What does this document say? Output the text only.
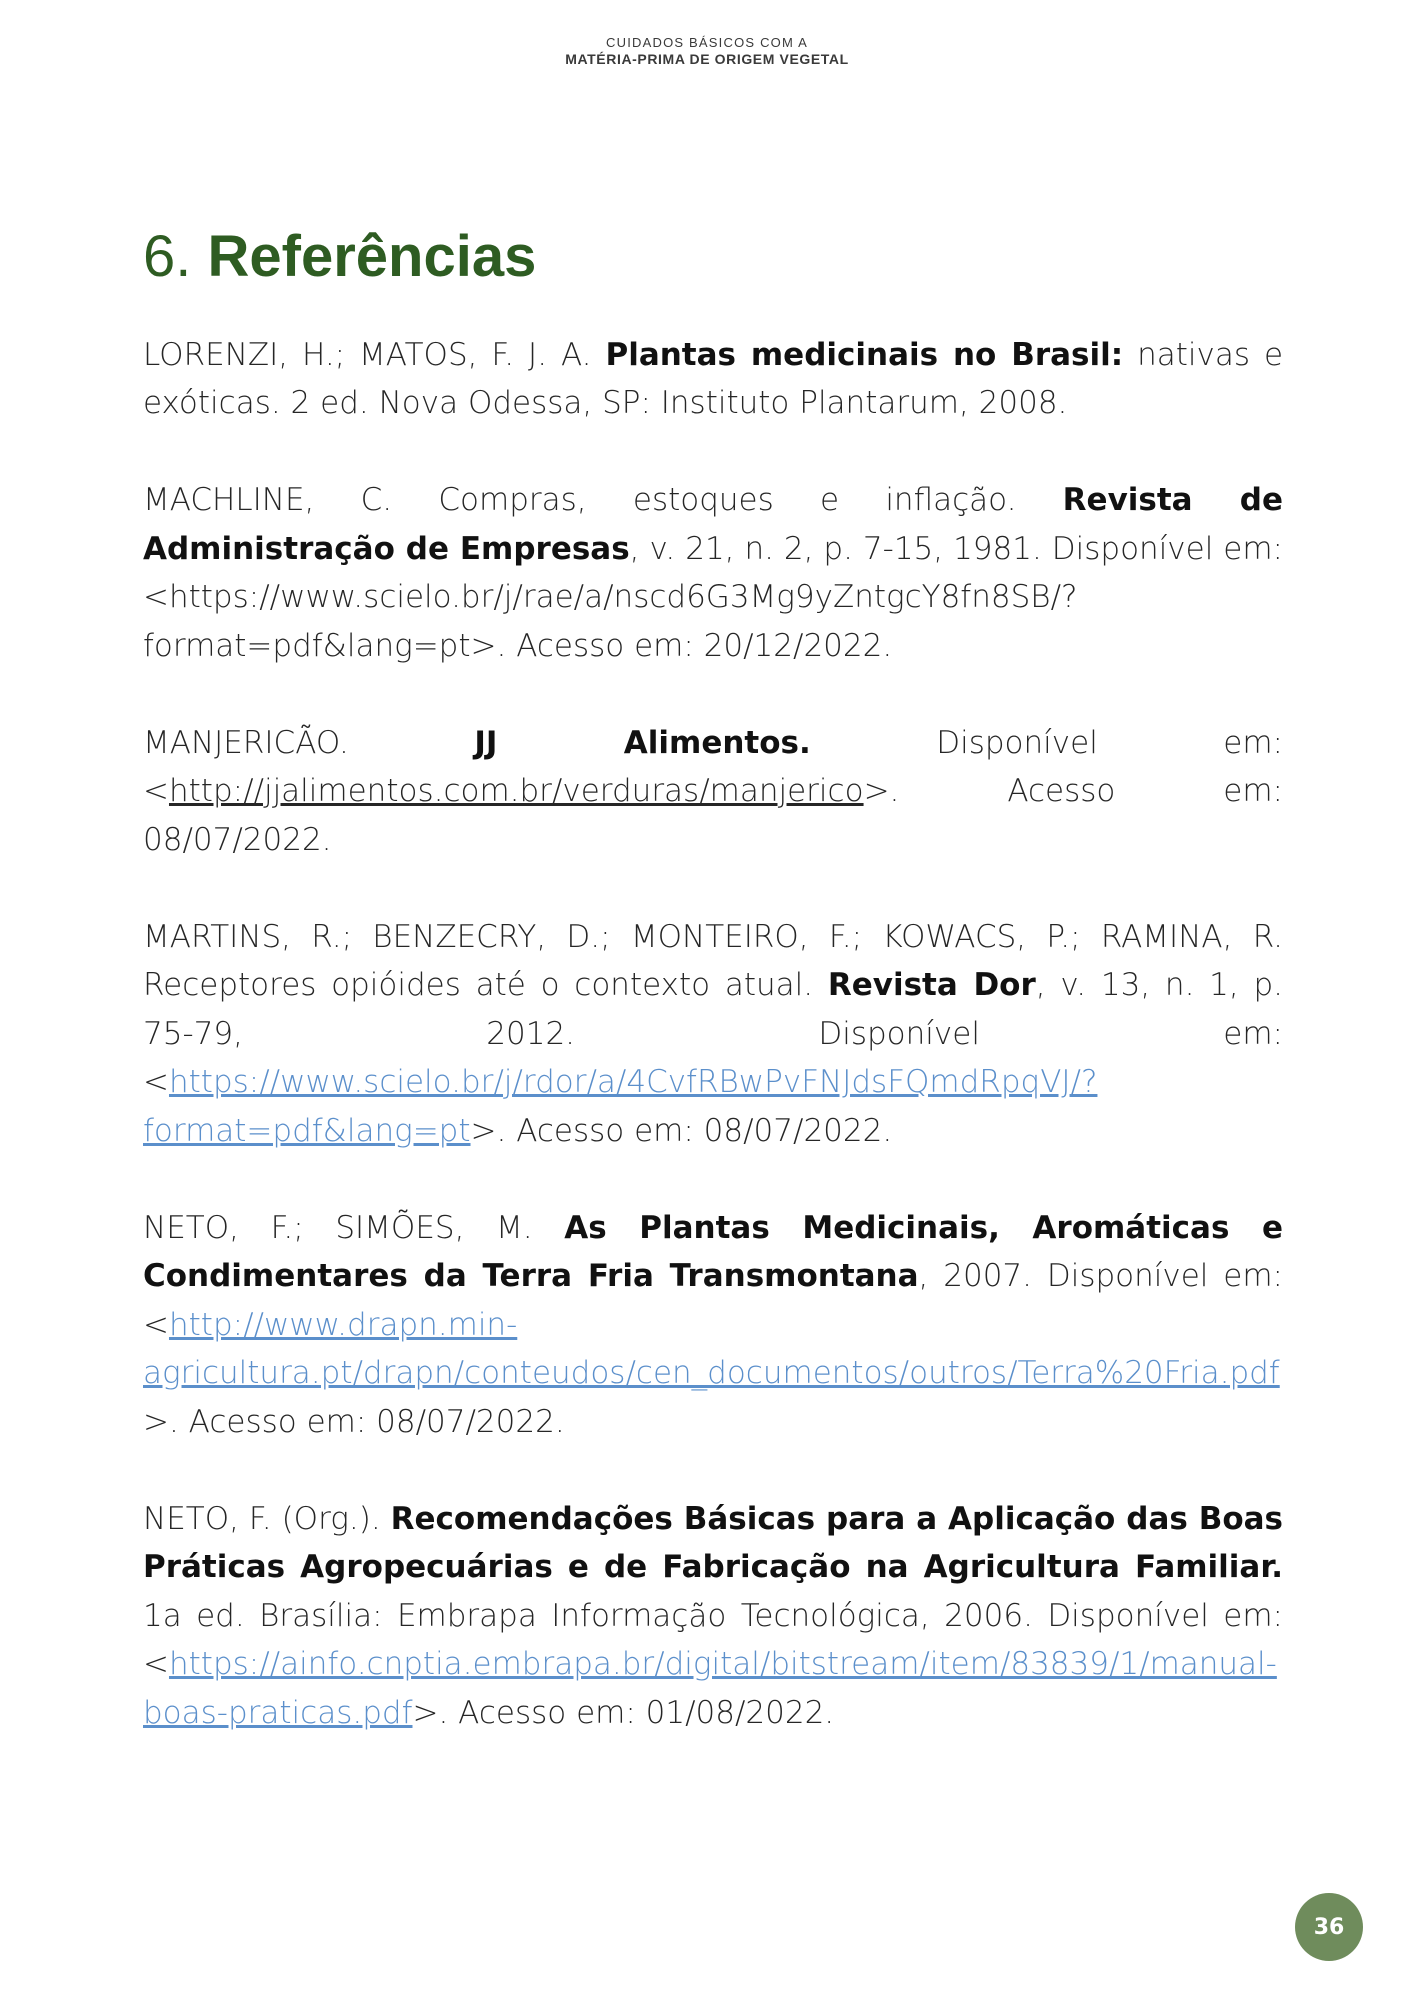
CUIDADOS BÁSICOS COM A
MATÉRIA-PRIMA DE ORIGEM VEGETAL
6. Referências

LORENZI, H.; MATOS, F. J. A. Plantas medicinais no Brasil: nativas e exóticas. 2 ed. Nova Odessa, SP: Instituto Plantarum, 2008.

MACHLINE, C. Compras, estoques e inflação. Revista de Administração de Empresas, v. 21, n. 2, p. 7-15, 1981. Disponível em: <https://www.scielo.br/j/rae/a/nscd6G3Mg9yZntgcY8fn8SB/?format=pdf&lang=pt>. Acesso em: 20/12/2022.

MANJERICÃO. JJ Alimentos. Disponível em: <http://jjalimentos.com.br/verduras/manjerico>. Acesso em: 08/07/2022.

MARTINS, R.; BENZECRY, D.; MONTEIRO, F.; KOWACS, P.; RAMINA, R. Receptores opióides até o contexto atual. Revista Dor, v. 13, n. 1, p. 75-79, 2012. Disponível em: <https://www.scielo.br/j/rdor/a/4CvfRBwPvFNJdsFQmdRpqVJ/?format=pdf&lang=pt>. Acesso em: 08/07/2022.

NETO, F.; SIMÕES, M. As Plantas Medicinais, Aromáticas e Condimentares da Terra Fria Transmontana, 2007. Disponível em: <http://www.drapn.min-agricultura.pt/drapn/conteudos/cen_documentos/outros/Terra%20Fria.pdf>. Acesso em: 08/07/2022.

NETO, F. (Org.). Recomendações Básicas para a Aplicação das Boas Práticas Agropecuárias e de Fabricação na Agricultura Familiar. 1a ed. Brasília: Embrapa Informação Tecnológica, 2006. Disponível em: <https://ainfo.cnptia.embrapa.br/digital/bitstream/item/83839/1/manual-boas-praticas.pdf>. Acesso em: 01/08/2022.

36
